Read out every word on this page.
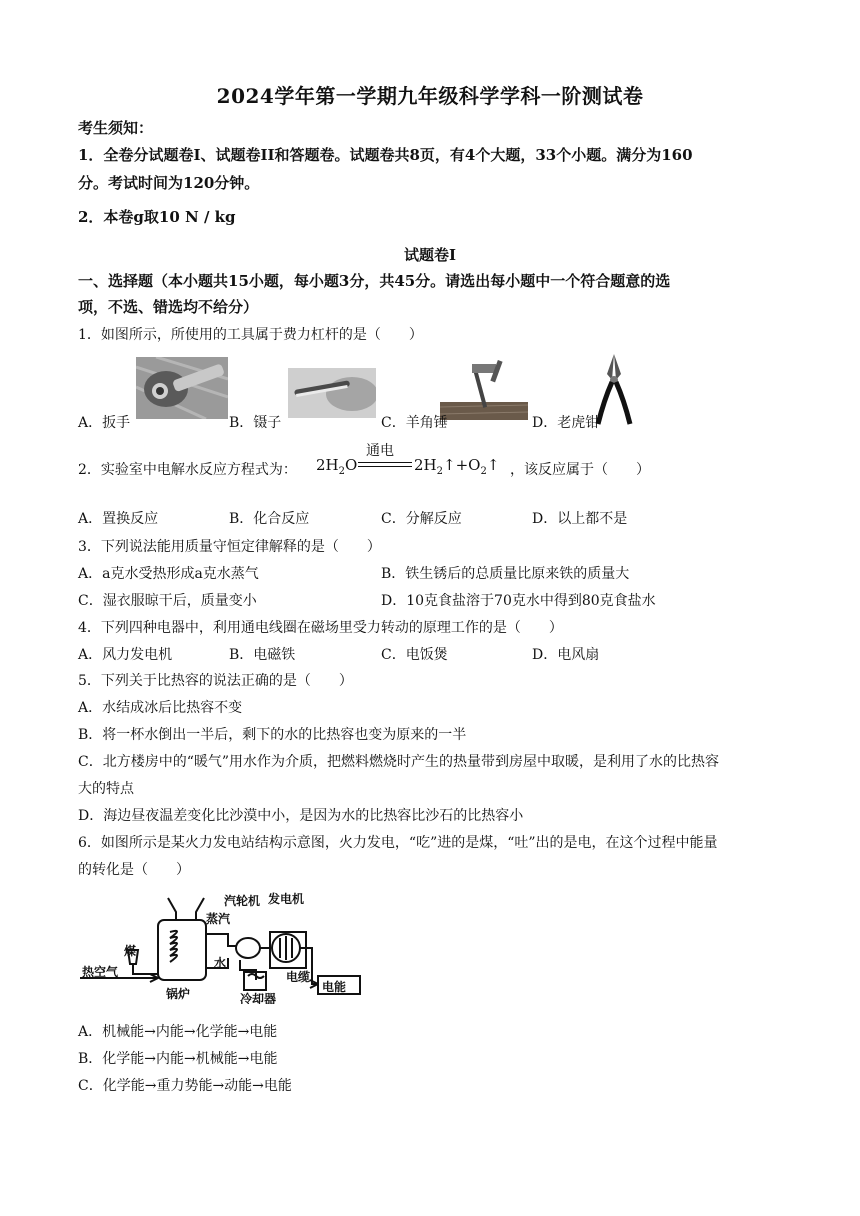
2024学年第一学期九年级科学学科一阶测试卷
考生须知：
1．全卷分试题卷I、试题卷II和答题卷。试题卷共8页，有4个大题，33个小题。满分为160
分。考试时间为120分钟。
2．本卷g取10 N / kg
试题卷I
一、选择题（本小题共15小题，每小题3分，共45分。请选出每小题中一个符合题意的选
项，不选、错选均不给分）
1．如图所示，所使用的工具属于费力杠杆的是（　　）
A．扳手	B．镊子	C．羊角锤	D．老虎钳
2．实验室中电解水反应方程式为： $2H_2O$
通电
$2H_2↑+O_2↑$ ，该反应属于（　　）
A．置换反应	B．化合反应	C．分解反应	D．以上都不是
3．下列说法能用质量守恒定律解释的是（　　）
A．a克水受热形成a克水蒸气	B．铁生锈后的总质量比原来铁的质量大
C．湿衣服晾干后，质量变小	D．10克食盐溶于70克水中得到80克食盐水
4．下列四种电器中，利用通电线圈在磁场里受力转动的原理工作的是（　　）
A．风力发电机	B．电磁铁	C．电饭煲	D．电风扇
5．下列关于比热容的说法正确的是（　　）
A．水结成冰后比热容不变
B．将一杯水倒出一半后，剩下的水的比热容也变为原来的一半
C．北方楼房中的“暖气”用水作为介质，把燃料燃烧时产生的热量带到房屋中取暖，是利用了水的比热容
大的特点
D．海边昼夜温差变化比沙漠中小，是因为水的比热容比沙石的比热容小
6．如图所示是某火力发电站结构示意图，火力发电，“吃”进的是煤，“吐”出的是电，在这个过程中能量
的转化是（　　）
煤
热空气
锅炉
蒸汽
水
汽轮机 发电机
冷却器
电缆
电能
A．机械能→内能→化学能→电能
B．化学能→内能→机械能→电能
C．化学能→重力势能→动能→电能
